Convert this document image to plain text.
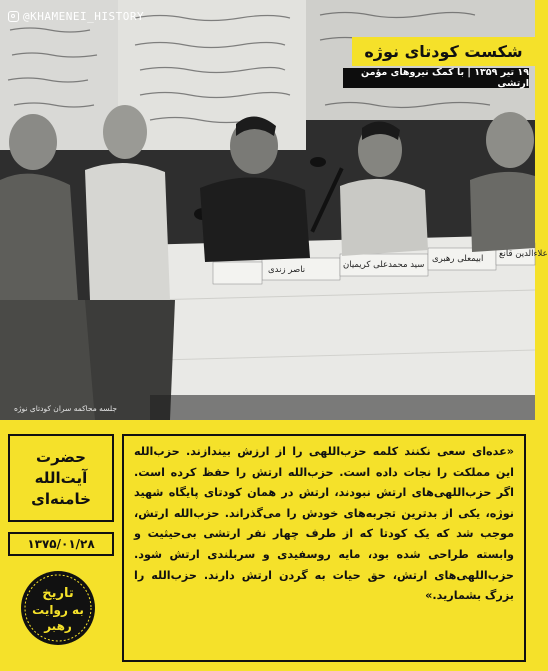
@KHAMENEI_HISTORY
شکست کودتای نوژه
۱۹ تیر ۱۳۵۹ | با کمک نیروهای مؤمن ارتشی
جلسه محاکمه سران کودتای نوژه

«عده‌ای سعی نکنند کلمه حزب‌اللهی را از ارزش بیندازند. حزب‌الله این مملکت را نجات داده است. حزب‌الله ارتش را حفظ کرده است. اگر حزب‌اللهی‌های ارتش نبودند، ارتش در همان کودتای پایگاه شهید نوژه، یکی از بدترین تجربه‌های خودش را می‌گذراند. حزب‌الله ارتش، موجب شد که یک کودتا که از طرف چهار نفر ارتشی بی‌حیثیت و وابسته طراحی شده بود، مایه روسفیدی و سربلندی ارتش شود. حزب‌اللهی‌های ارتش، حق حیات به گردن ارتش دارند. حزب‌الله را بزرگ بشمارید.»

حضرت
آیت‌الله
خامنه‌ای
۱۳۷۵/۰۱/۲۸
تاریخ
به روایت
رهبر
ناصر زندی	سید محمدعلی کریمیان
ابیمعلی رهبری علاءالدین قانع
